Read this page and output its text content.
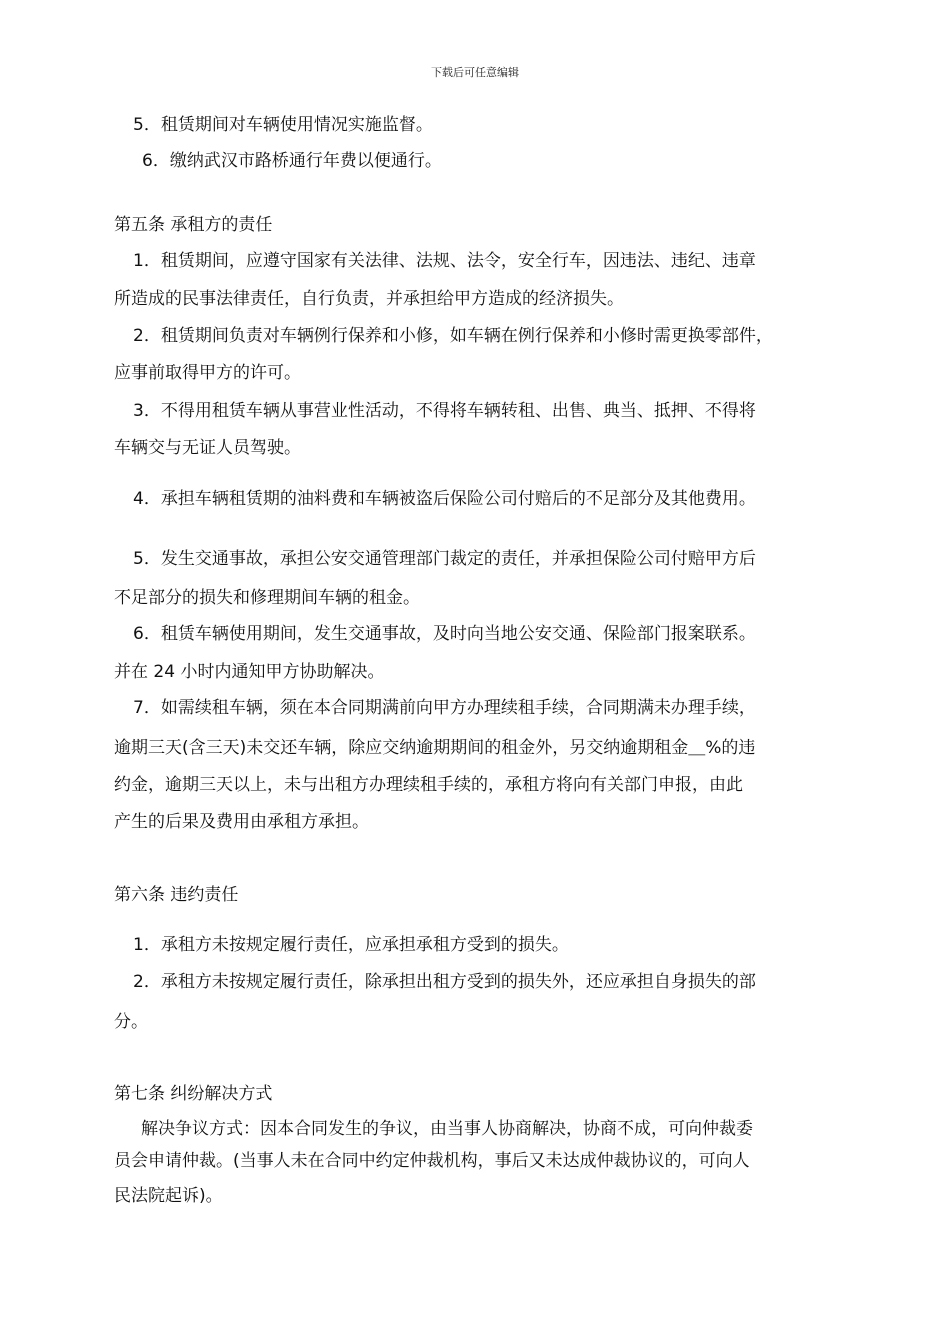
下载后可任意编辑
5．租赁期间对车辆使用情况实施监督。
6．缴纳武汉市路桥通行年费以便通行。
第五条 承租方的责任
1．租赁期间，应遵守国家有关法律、法规、法令，安全行车，因违法、违纪、违章
所造成的民事法律责任，自行负责，并承担给甲方造成的经济损失。
2．租赁期间负责对车辆例行保养和小修，如车辆在例行保养和小修时需更换零部件，
应事前取得甲方的许可。
3．不得用租赁车辆从事营业性活动，不得将车辆转租、出售、典当、抵押、不得将
车辆交与无证人员驾驶。
4．承担车辆租赁期的油料费和车辆被盗后保险公司付赔后的不足部分及其他费用。
5．发生交通事故，承担公安交通管理部门裁定的责任，并承担保险公司付赔甲方后
不足部分的损失和修理期间车辆的租金。
6．租赁车辆使用期间，发生交通事故，及时向当地公安交通、保险部门报案联系。
并在 24 小时内通知甲方协助解决。
7．如需续租车辆，须在本合同期满前向甲方办理续租手续，合同期满未办理手续，
逾期三天(含三天)未交还车辆，除应交纳逾期期间的租金外，另交纳逾期租金＿%的违
约金，逾期三天以上，未与出租方办理续租手续的，承租方将向有关部门申报，由此
产生的后果及费用由承租方承担。
第六条 违约责任
1．承租方未按规定履行责任，应承担承租方受到的损失。
2．承租方未按规定履行责任，除承担出租方受到的损失外，还应承担自身损失的部
分。
第七条 纠纷解决方式
解决争议方式：因本合同发生的争议，由当事人协商解决，协商不成，可向仲裁委
员会申请仲裁。(当事人未在合同中约定仲裁机构，事后又未达成仲裁协议的，可向人
民法院起诉)。
